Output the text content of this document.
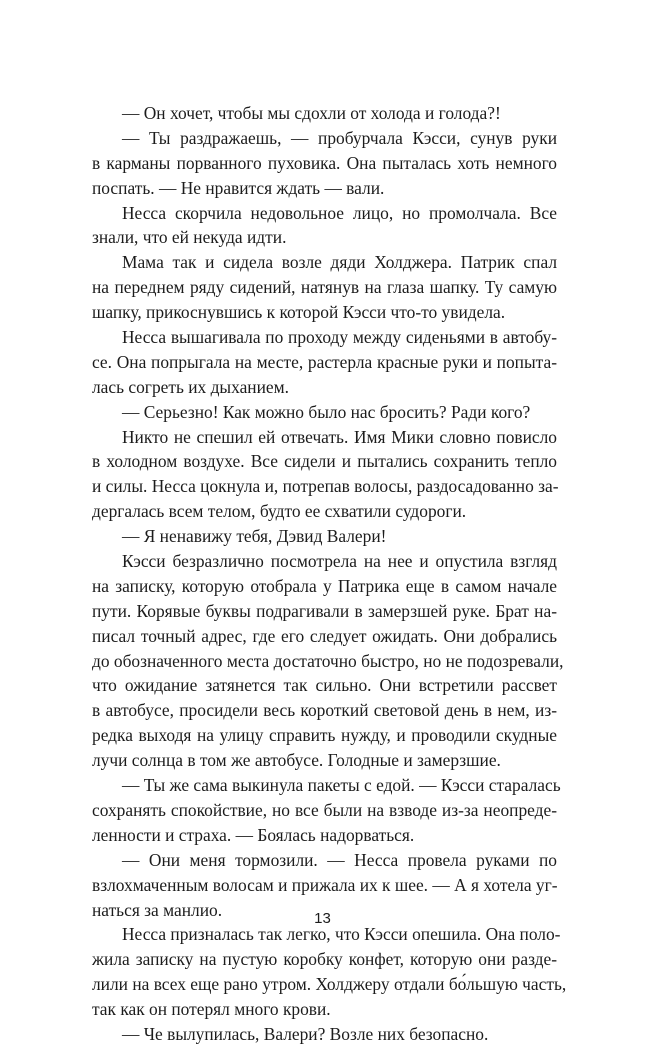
— Он хочет, чтобы мы сдохли от холода и голода?!
— Ты раздражаешь, — пробурчала Кэсси, сунув руки
в карманы порванного пуховика. Она пыталась хоть немного
поспать. — Не нравится ждать — вали.
Несса скорчила недовольное лицо, но промолчала. Все
знали, что ей некуда идти.
Мама так и сидела возле дяди Холджера. Патрик спал
на переднем ряду сидений, натянув на глаза шапку. Ту самую
шапку, прикоснувшись к которой Кэсси что-то увидела.
Несса вышагивала по проходу между сиденьями в автобу-
се. Она попрыгала на месте, растерла красные руки и попыта-
лась согреть их дыханием.
— Серьезно! Как можно было нас бросить? Ради кого?
Никто не спешил ей отвечать. Имя Мики словно повисло
в холодном воздухе. Все сидели и пытались сохранить тепло
и силы. Несса цокнула и, потрепав волосы, раздосадованно за-
дергалась всем телом, будто ее схватили судороги.
— Я ненавижу тебя, Дэвид Валери!
Кэсси безразлично посмотрела на нее и опустила взгляд
на записку, которую отобрала у Патрика еще в самом начале
пути. Корявые буквы подрагивали в замерзшей руке. Брат на-
писал точный адрес, где его следует ожидать. Они добрались
до обозначенного места достаточно быстро, но не подозревали,
что ожидание затянется так сильно. Они встретили рассвет
в автобусе, просидели весь короткий световой день в нем, из-
редка выходя на улицу справить нужду, и проводили скудные
лучи солнца в том же автобусе. Голодные и замерзшие.
— Ты же сама выкинула пакеты с едой. — Кэсси старалась
сохранять спокойствие, но все были на взводе из-за неопреде-
ленности и страха. — Боялась надорваться.
— Они меня тормозили. — Несса провела руками по
взлохмаченным волосам и прижала их к шее. — А я хотела уг-
наться за манлио.
Несса призналась так легко, что Кэсси опешила. Она поло-
жила записку на пустую коробку конфет, которую они разде-
лили на всех еще рано утром. Холджеру отдали бо́льшую часть,
так как он потерял много крови.
— Че вылупилась, Валери? Возле них безопасно.
13
